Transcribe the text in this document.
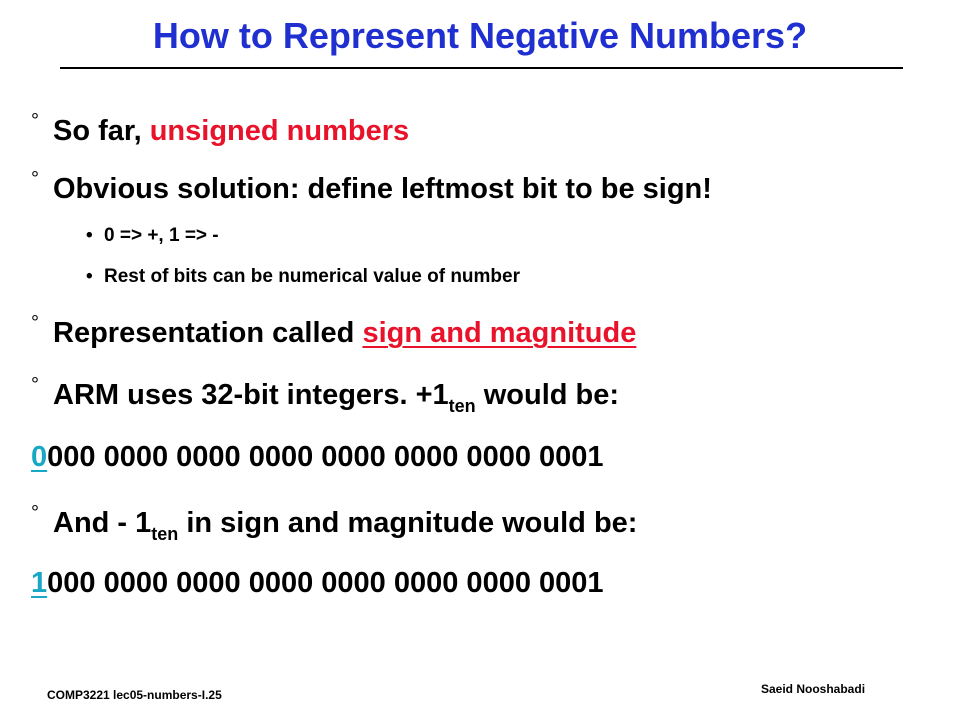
How to Represent Negative Numbers?
° So far, unsigned numbers
° Obvious solution: define leftmost bit to be sign!
• 0 => +, 1 => -
• Rest of bits can be numerical value of number
° Representation called sign and magnitude
° ARM uses 32-bit integers. $+1_{ten}$ would be:
0000 0000 0000 0000 0000 0000 0000 0001
° And - $1_{ten}$ in sign and magnitude would be:
1000 0000 0000 0000 0000 0000 0000 0001
COMP3221 lec05-numbers-I.25	Saeid Nooshabadi
